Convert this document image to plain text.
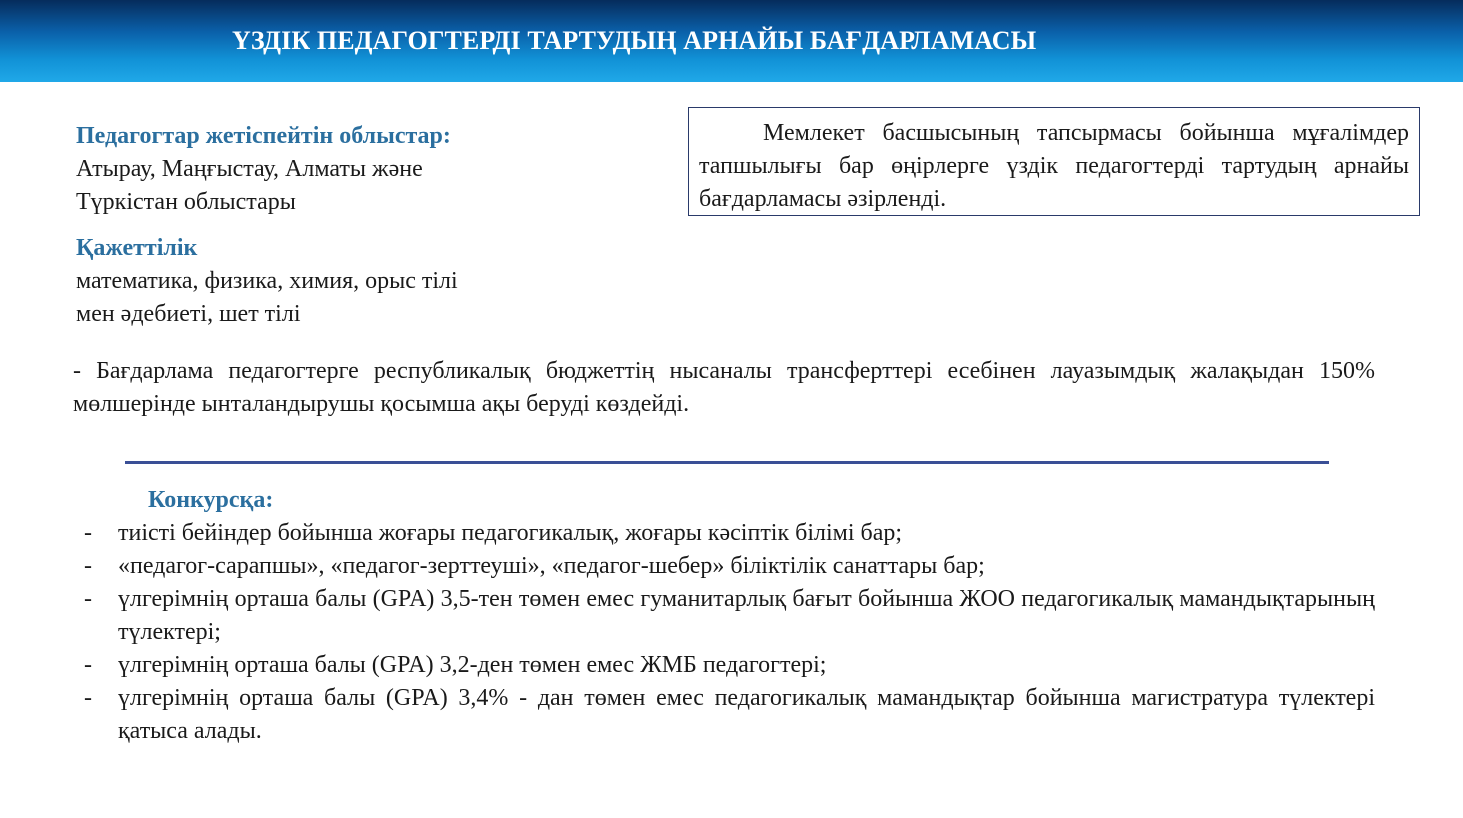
ҮЗДІК ПЕДАГОГТЕРДІ ТАРТУДЫҢ АРНАЙЫ БАҒДАРЛАМАСЫ
Педагогтар жетіспейтін облыстар:
Атырау, Маңғыстау, Алматы және
Түркістан облыстары
Қажеттілік
математика, физика, химия, орыс тілі
мен әдебиеті, шет тілі

Мемлекет басшысының тапсырмасы бойынша мұғалімдер тапшылығы бар өңірлерге үздік педагогтерді тартудың арнайы бағдарламасы әзірленді.

- Бағдарлама педагогтерге республикалық бюджеттің нысаналы трансферттері есебінен лауазымдық жалақыдан 150% мөлшерінде ынталандырушы қосымша ақы беруді көздейді.

Конкурсқа:
- тиісті бейіндер бойынша жоғары педагогикалық, жоғары кәсіптік білімі бар;
- «педагог-сарапшы», «педагог-зерттеуші», «педагог-шебер» біліктілік санаттары бар;
- үлгерімнің орташа балы (GPA) 3,5-тен төмен емес гуманитарлық бағыт бойынша ЖОО педагогикалық мамандықтарының түлектері;
- үлгерімнің орташа балы (GPA) 3,2-ден төмен емес ЖМБ педагогтері;
- үлгерімнің орташа балы (GPA) 3,4% - дан төмен емес педагогикалық мамандықтар бойынша магистратура түлектері қатыса алады.
